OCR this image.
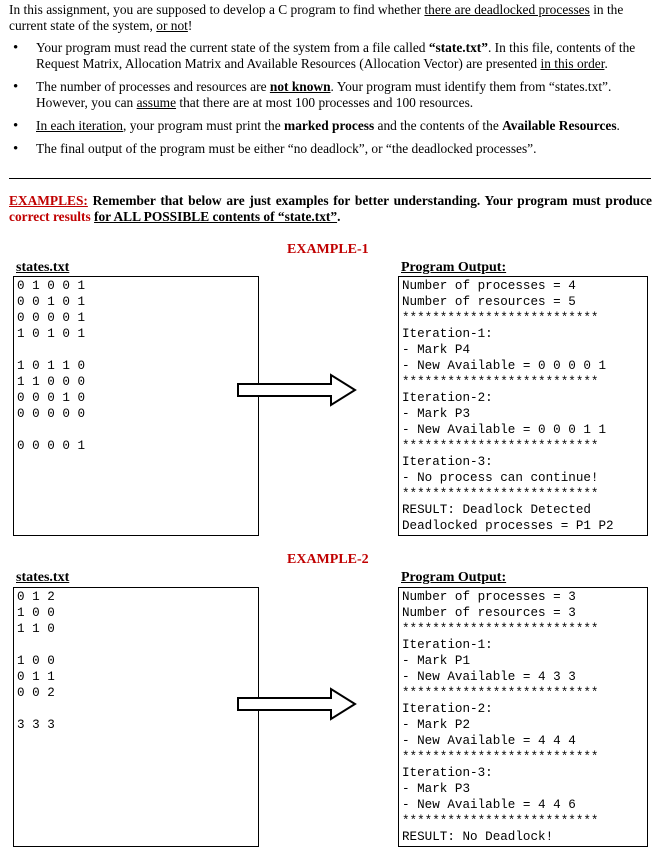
In this assignment, you are supposed to develop a C program to find whether there are deadlocked processes in the current state of the system, or not!

• Your program must read the current state of the system from a file called “state.txt”. In this file, contents of the Request Matrix, Allocation Matrix and Available Resources (Allocation Vector) are presented in this order.
• The number of processes and resources are not known. Your program must identify them from “states.txt”. However, you can assume that there are at most 100 processes and 100 resources.
• In each iteration, your program must print the marked process and the contents of the Available Resources.
• The final output of the program must be either “no deadlock”, or “the deadlocked processes”.
EXAMPLES: Remember that below are just examples for better understanding. Your program must produce correct results for ALL POSSIBLE contents of “state.txt”.
EXAMPLE-1
states.txt	Program Output:
0 1 0 0 1
0 0 1 0 1
0 0 0 0 1
1 0 1 0 1
1 0 1 1 0
1 1 0 0 0
0 0 0 1 0
0 0 0 0 0
0 0 0 0 1
Number of processes = 4
Number of resources = 5
**************************
Iteration-1:
- Mark P4
- New Available = 0 0 0 0 1
**************************
Iteration-2:
- Mark P3
- New Available = 0 0 0 1 1
**************************
Iteration-3:
- No process can continue!
**************************
RESULT: Deadlock Detected
Deadlocked processes = P1 P2
EXAMPLE-2
states.txt	Program Output:
0 1 2
1 0 0
1 1 0
1 0 0
0 1 1
0 0 2
3 3 3
Number of processes = 3
Number of resources = 3
**************************
Iteration-1:
- Mark P1
- New Available = 4 3 3
**************************
Iteration-2:
- Mark P2
- New Available = 4 4 4
**************************
Iteration-3:
- Mark P3
- New Available = 4 4 6
**************************
RESULT: No Deadlock!
